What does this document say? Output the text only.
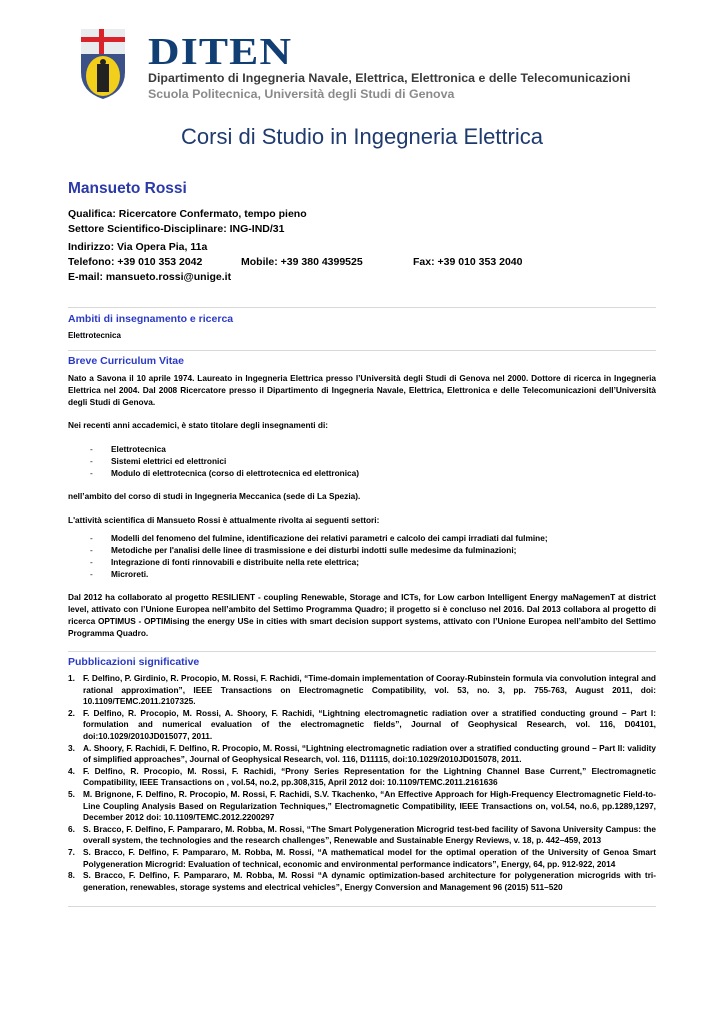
DITEN
Dipartimento di Ingegneria Navale, Elettrica, Elettronica e delle Telecomunicazioni
Scuola Politecnica, Università degli Studi di Genova
Corsi di Studio in Ingegneria Elettrica
Mansueto Rossi
Qualifica: Ricercatore Confermato, tempo pieno
Settore Scientifico-Disciplinare: ING-IND/31
Indirizzo: Via Opera Pia, 11a
Telefono: +39 010 353 2042	Mobile: +39 380 4399525	Fax: +39 010 353 2040
E-mail: mansueto.rossi@unige.it
Ambiti di insegnamento e ricerca
Elettrotecnica
Breve Curriculum Vitae
Nato a Savona il 10 aprile 1974. Laureato in Ingegneria Elettrica presso l’Università degli Studi di Genova nel 2000. Dottore di ricerca in Ingegneria Elettrica nel 2004. Dal 2008 Ricercatore presso il Dipartimento di Ingegneria Navale, Elettrica, Elettronica e delle Telecomunicazioni dell’Università degli Studi di Genova.
Nei recenti anni accademici, è stato titolare degli insegnamenti di:
- Elettrotecnica
- Sistemi elettrici ed elettronici
- Modulo di elettrotecnica (corso di elettrotecnica ed elettronica)
nell’ambito del corso di studi in Ingegneria Meccanica (sede di La Spezia).
L'attività scientifica di Mansueto Rossi è attualmente rivolta ai seguenti settori:
- Modelli del fenomeno del fulmine, identificazione dei relativi parametri e calcolo dei campi irradiati dal fulmine;
- Metodiche per l'analisi delle linee di trasmissione e dei disturbi indotti sulle medesime da fulminazioni;
- Integrazione di fonti rinnovabili e distribuite nella rete elettrica;
- Microreti.
Dal 2012 ha collaborato al progetto RESILIENT - coupling Renewable, Storage and ICTs, for Low carbon Intelligent Energy maNagemenT at district level, attivato con l’Unione Europea nell’ambito del Settimo Programma Quadro; il progetto si è concluso nel 2016. Dal 2013 collabora al progetto di ricerca OPTIMUS - OPTIMising the energy USe in cities with smart decision support systems, attivato con l’Unione Europea nell’ambito del Settimo Programma Quadro.
Pubblicazioni significative
1. F. Delfino, P. Girdinio, R. Procopio, M. Rossi, F. Rachidi, “Time-domain implementation of Cooray-Rubinstein formula via convolution integral and rational approximation”, IEEE Transactions on Electromagnetic Compatibility, vol. 53, no. 3, pp. 755-763, August 2011, doi: 10.1109/TEMC.2011.2107325.
2. F. Delfino, R. Procopio, M. Rossi, A. Shoory, F. Rachidi, “Lightning electromagnetic radiation over a stratified conducting ground – Part I: formulation and numerical evaluation of the electromagnetic fields”, Journal of Geophysical Research, vol. 116, D04101, doi:10.1029/2010JD015077, 2011.
3. A. Shoory, F. Rachidi, F. Delfino, R. Procopio, M. Rossi, “Lightning electromagnetic radiation over a stratified conducting ground – Part II: validity of simplified approaches”, Journal of Geophysical Research, vol. 116, D11115, doi:10.1029/2010JD015078, 2011.
4. F. Delfino, R. Procopio, M. Rossi, F. Rachidi, “Prony Series Representation for the Lightning Channel Base Current,” Electromagnetic Compatibility, IEEE Transactions on , vol.54, no.2, pp.308,315, April 2012 doi: 10.1109/TEMC.2011.2161636
5. M. Brignone, F. Delfino, R. Procopio, M. Rossi, F. Rachidi, S.V. Tkachenko, “An Effective Approach for High-Frequency Electromagnetic Field-to-Line Coupling Analysis Based on Regularization Techniques,” Electromagnetic Compatibility, IEEE Transactions on, vol.54, no.6, pp.1289,1297, December 2012 doi: 10.1109/TEMC.2012.2200297
6. S. Bracco, F. Delfino, F. Pampararo, M. Robba, M. Rossi, “The Smart Polygeneration Microgrid test-bed facility of Savona University Campus: the overall system, the technologies and the research challenges”, Renewable and Sustainable Energy Reviews, v. 18, p. 442–459, 2013
7. S. Bracco, F. Delfino, F. Pampararo, M. Robba, M. Rossi, “A mathematical model for the optimal operation of the University of Genoa Smart Polygeneration Microgrid: Evaluation of technical, economic and environmental performance indicators”, Energy, 64, pp. 912-922, 2014
8. S. Bracco, F. Delfino, F. Pampararo, M. Robba, M. Rossi “A dynamic optimization-based architecture for polygeneration microgrids with tri-generation, renewables, storage systems and electrical vehicles”, Energy Conversion and Management 96 (2015) 511–520
